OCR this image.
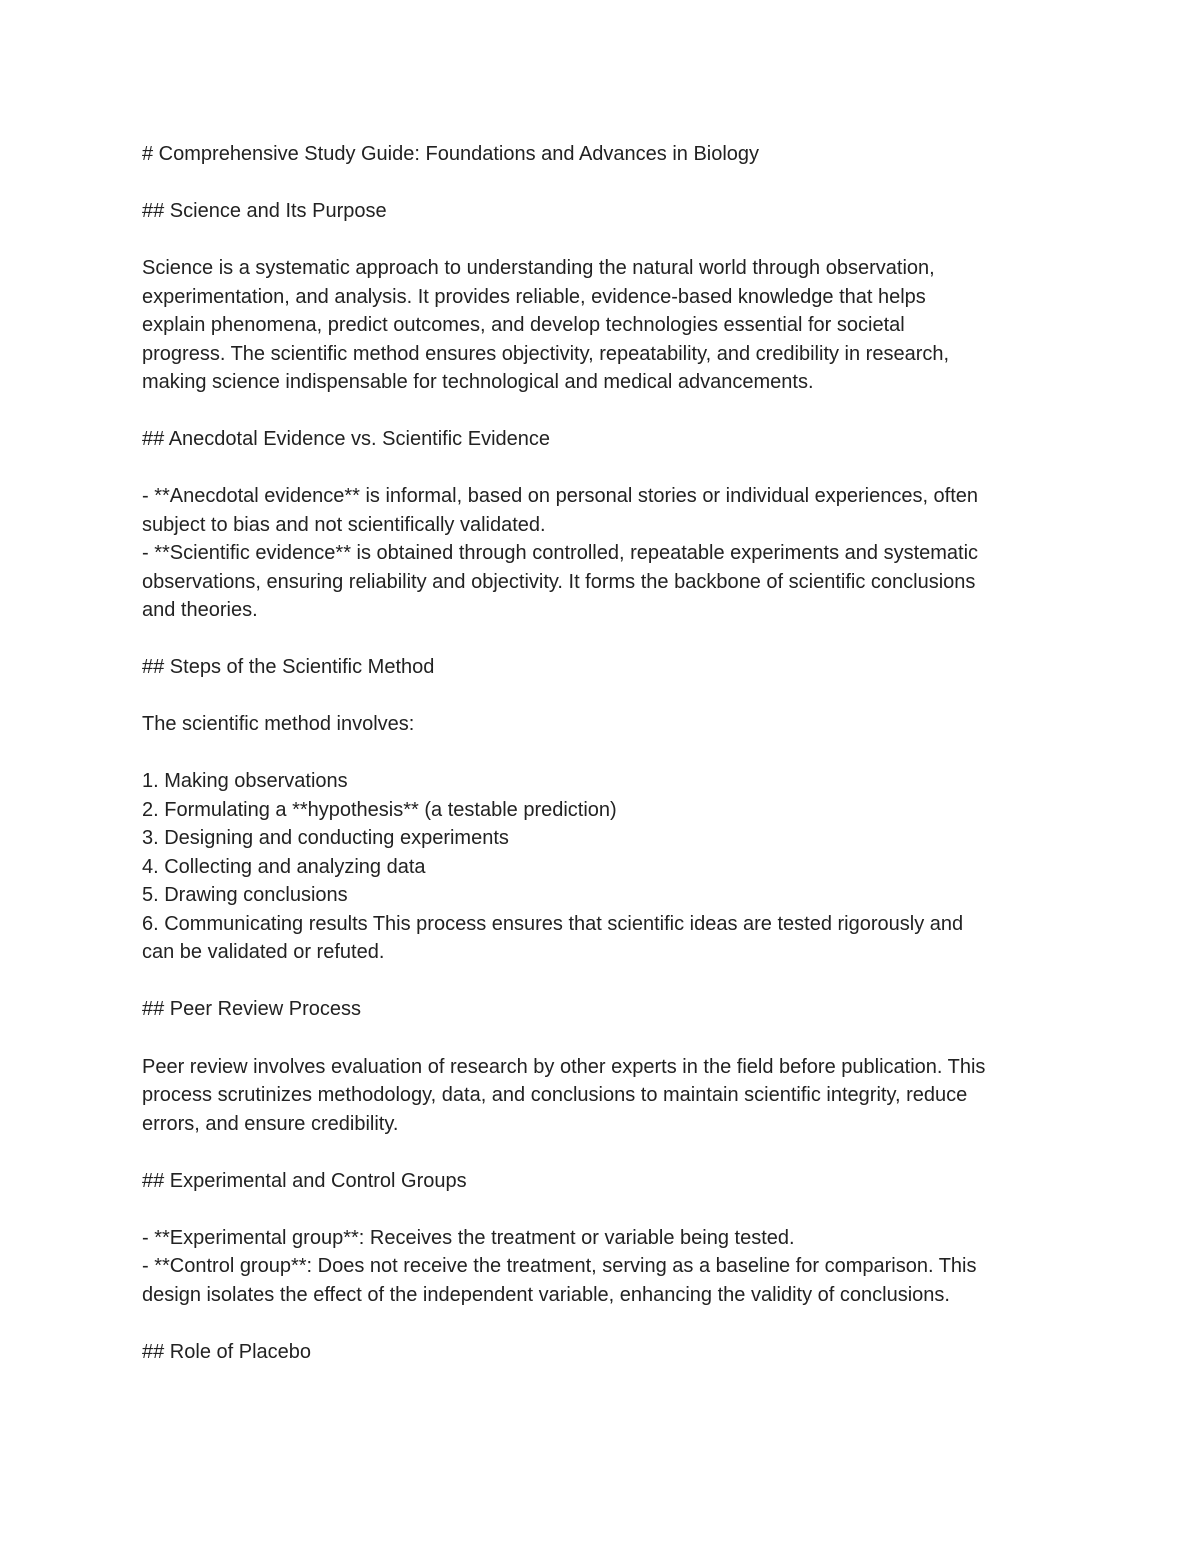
# Comprehensive Study Guide: Foundations and Advances in Biology
## Science and Its Purpose
Science is a systematic approach to understanding the natural world through observation,
experimentation, and analysis. It provides reliable, evidence-based knowledge that helps
explain phenomena, predict outcomes, and develop technologies essential for societal
progress. The scientific method ensures objectivity, repeatability, and credibility in research,
making science indispensable for technological and medical advancements.
## Anecdotal Evidence vs. Scientific Evidence
- **Anecdotal evidence** is informal, based on personal stories or individual experiences, often
subject to bias and not scientifically validated.
- **Scientific evidence** is obtained through controlled, repeatable experiments and systematic
observations, ensuring reliability and objectivity. It forms the backbone of scientific conclusions
and theories.
## Steps of the Scientific Method
The scientific method involves:
1. Making observations
2. Formulating a **hypothesis** (a testable prediction)
3. Designing and conducting experiments
4. Collecting and analyzing data
5. Drawing conclusions
6. Communicating results This process ensures that scientific ideas are tested rigorously and
can be validated or refuted.
## Peer Review Process
Peer review involves evaluation of research by other experts in the field before publication. This
process scrutinizes methodology, data, and conclusions to maintain scientific integrity, reduce
errors, and ensure credibility.
## Experimental and Control Groups
- **Experimental group**: Receives the treatment or variable being tested.
- **Control group**: Does not receive the treatment, serving as a baseline for comparison. This
design isolates the effect of the independent variable, enhancing the validity of conclusions.
## Role of Placebo
